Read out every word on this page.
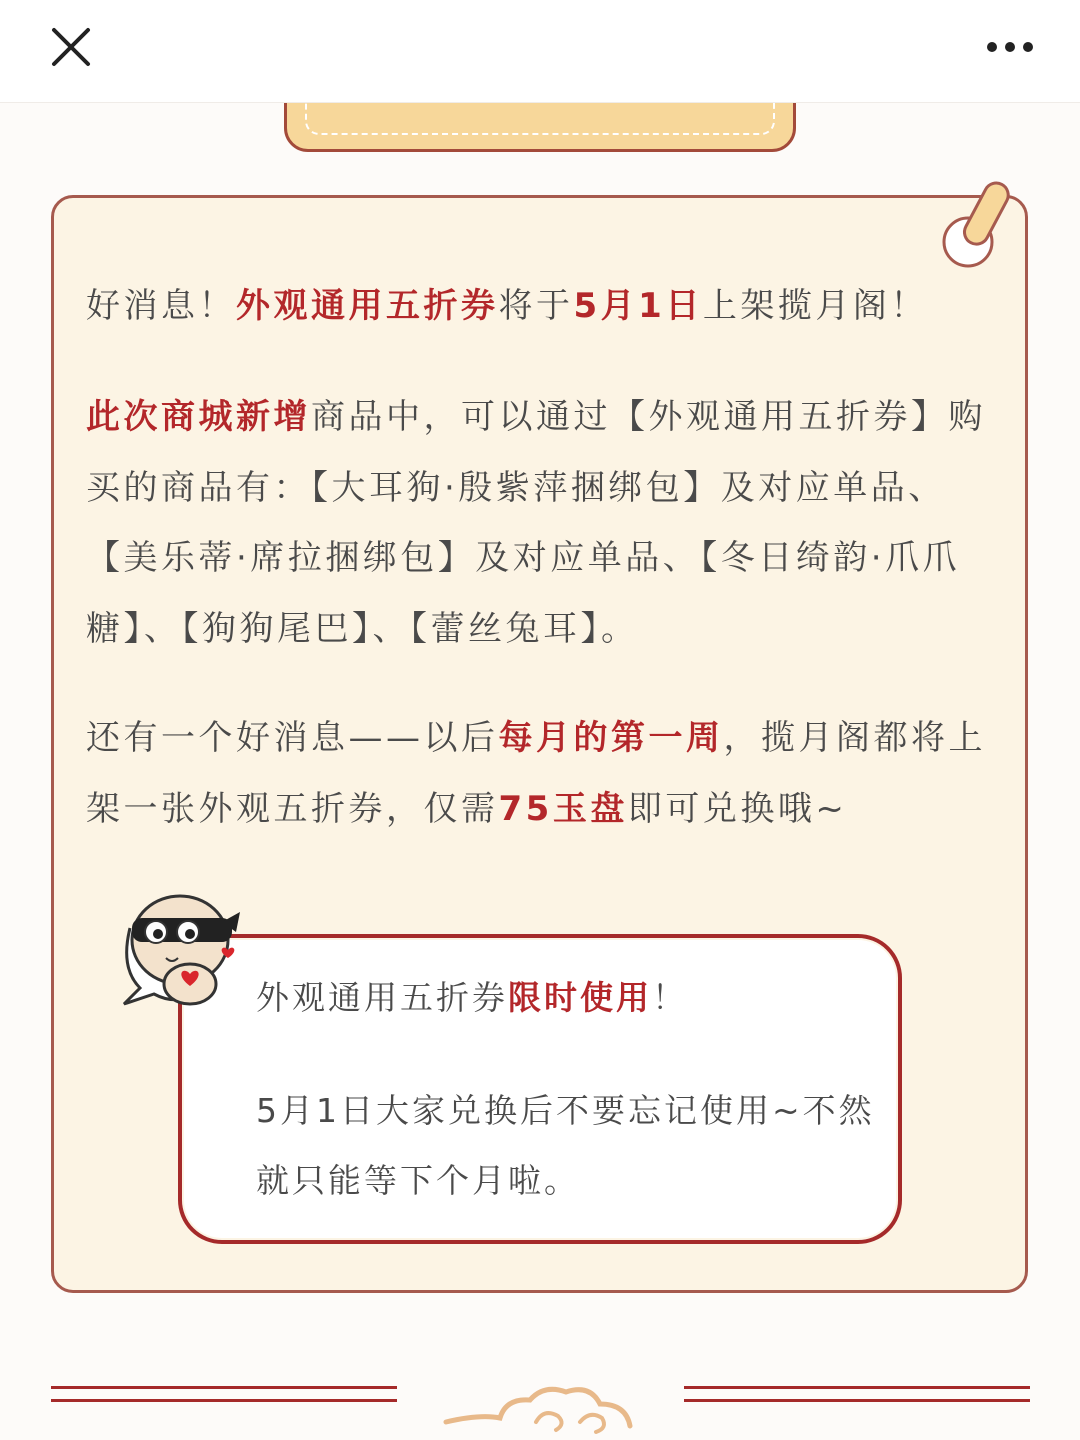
好消息！外观通用五折券将于5月1日上架揽月阁！

此次商城新增商品中，可以通过【外观通用五折券】购买的商品有：【大耳狗·殷紫萍捆绑包】及对应单品、【美乐蒂·席拉捆绑包】及对应单品、【冬日绮韵·爪爪糖】、【狗狗尾巴】、【蕾丝兔耳】。

还有一个好消息——以后每月的第一周，揽月阁都将上架一张外观五折券，仅需75玉盘即可兑换哦~

外观通用五折券限时使用！

5月1日大家兑换后不要忘记使用~不然就只能等下个月啦。
